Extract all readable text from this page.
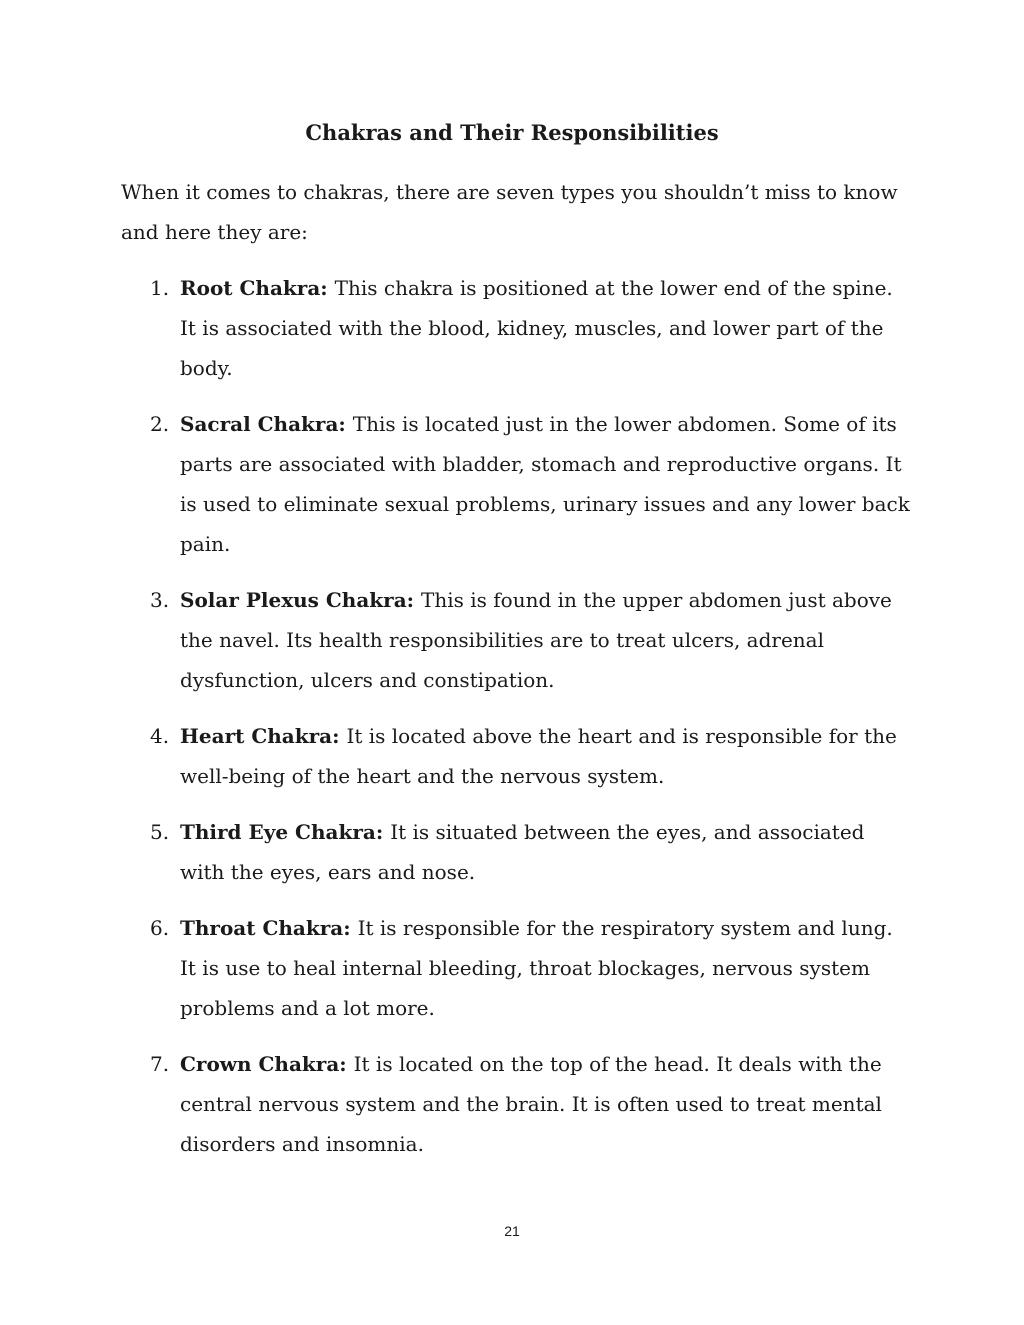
Chakras and Their Responsibilities

When it comes to chakras, there are seven types you shouldn’t miss to know and here they are:

1. Root Chakra: This chakra is positioned at the lower end of the spine. It is associated with the blood, kidney, muscles, and lower part of the body.
2. Sacral Chakra: This is located just in the lower abdomen. Some of its parts are associated with bladder, stomach and reproductive organs. It is used to eliminate sexual problems, urinary issues and any lower back pain.
3. Solar Plexus Chakra: This is found in the upper abdomen just above the navel. Its health responsibilities are to treat ulcers, adrenal dysfunction, ulcers and constipation.
4. Heart Chakra: It is located above the heart and is responsible for the well-being of the heart and the nervous system.
5. Third Eye Chakra: It is situated between the eyes, and associated with the eyes, ears and nose.
6. Throat Chakra: It is responsible for the respiratory system and lung. It is use to heal internal bleeding, throat blockages, nervous system problems and a lot more.
7. Crown Chakra: It is located on the top of the head. It deals with the central nervous system and the brain. It is often used to treat mental disorders and insomnia.
21
